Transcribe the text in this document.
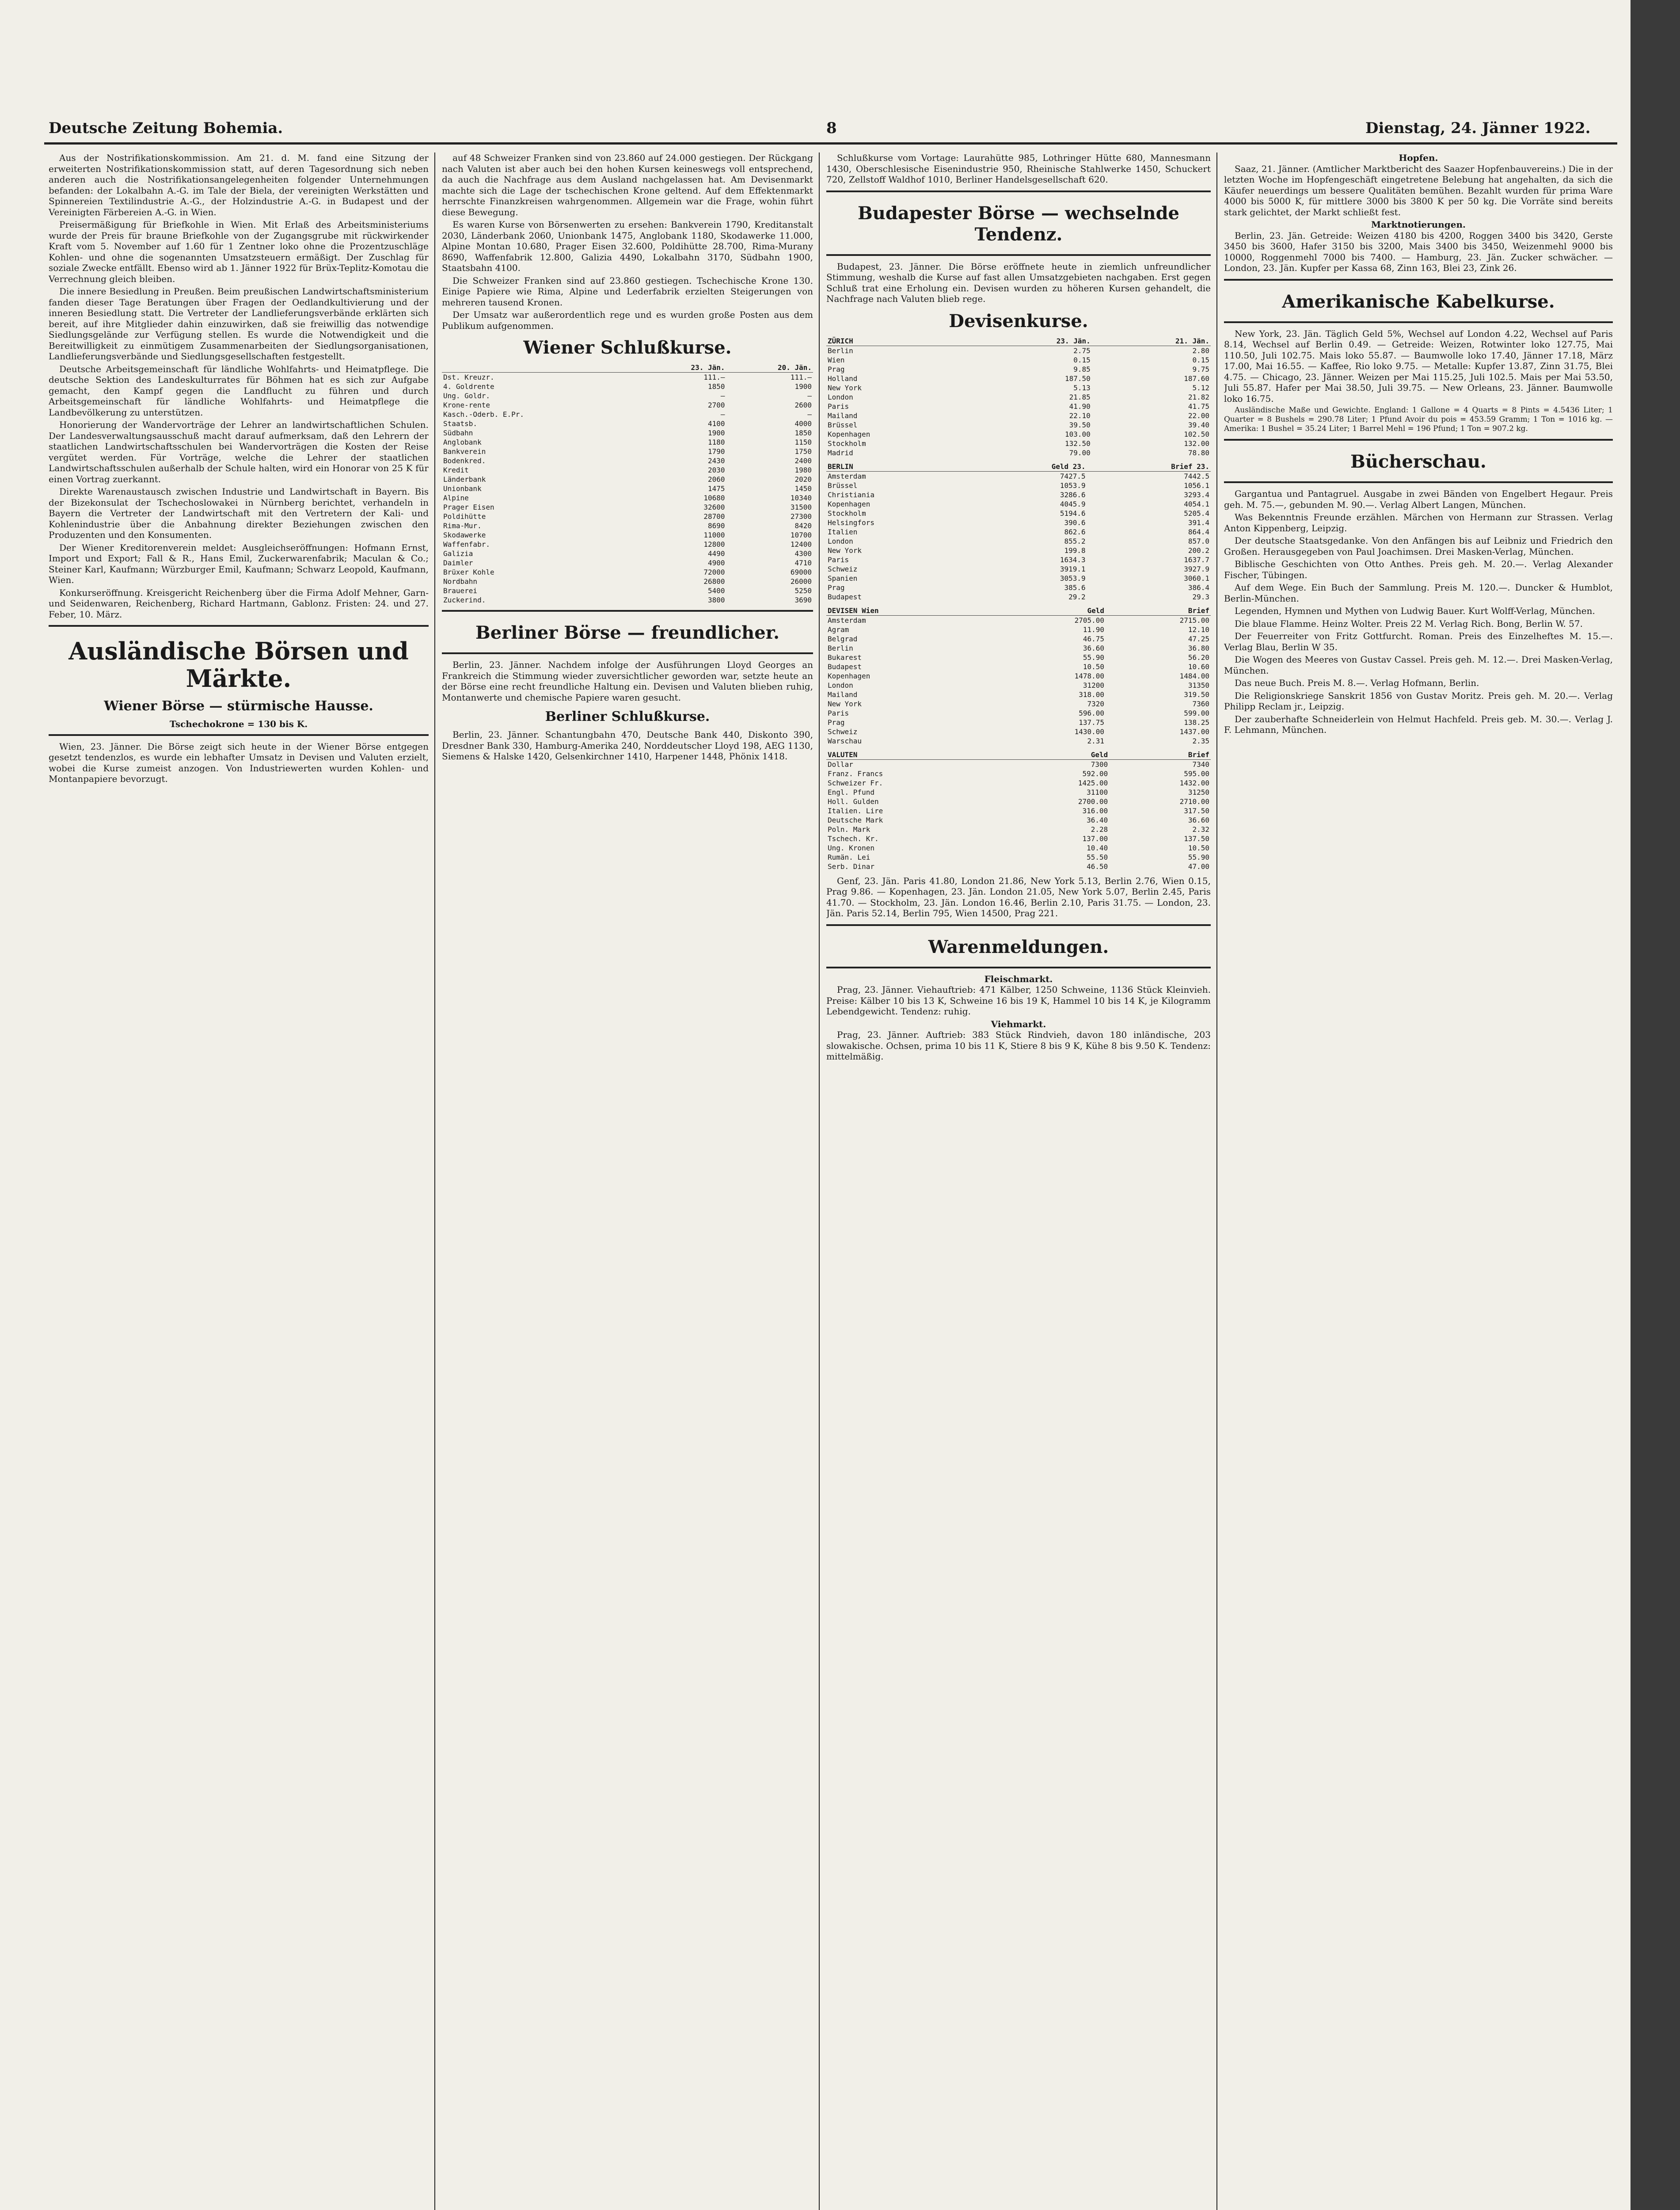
Deutsche Zeitung Bohemia.	8	Dienstag, 24. Jänner 1922.

Aus der Nostrifikationskommission. Am 21. d. M. fand eine Sitzung der erweiterten Nostrifikationskommission statt, auf deren Tagesordnung sich neben anderen auch die Nostrifikationsangelegenheiten folgender Unternehmungen befanden: der Lokalbahn A.-G. im Tale der Biela, der vereinigten Werkstätten und Spinnereien Textilindustrie A.-G., der Holzindustrie A.-G. in Budapest und der Vereinigten Färbereien A.-G. in Wien.

Preisermäßigung für Briefkohle in Wien. Mit Erlaß des Arbeitsministeriums wurde der Preis für braune Briefkohle von der Zugangsgrube mit rückwirkender Kraft vom 5. November auf 1.60 für 1 Zentner loko ohne die Prozentzuschläge Kohlen- und ohne die sogenannten Umsatzsteuern ermäßigt. Der Zuschlag für soziale Zwecke entfällt. Ebenso wird ab 1. Jänner 1922 für Brüx-Teplitz-Komotau die Verrechnung gleich bleiben.

Die innere Besiedlung in Preußen. Beim preußischen Landwirtschaftsministerium fanden dieser Tage Beratungen über Fragen der Oedlandkultivierung und der inneren Besiedlung statt. Die Vertreter der Landlieferungsverbände erklärten sich bereit, auf ihre Mitglieder dahin einzuwirken, daß sie freiwillig das notwendige Siedlungsgelände zur Verfügung stellen. Es wurde die Notwendigkeit und die Bereitwilligkeit zu einmütigem Zusammenarbeiten der Siedlungsorganisationen, Landlieferungsverbände und Siedlungsgesellschaften festgestellt.

Deutsche Arbeitsgemeinschaft für ländliche Wohlfahrts- und Heimatpflege. Die deutsche Sektion des Landeskulturrates für Böhmen hat es sich zur Aufgabe gemacht, den Kampf gegen die Landflucht zu führen und durch Arbeitsgemeinschaft für ländliche Wohlfahrts- und Heimatpflege die Landbevölkerung zu unterstützen.

Honorierung der Wandervorträge der Lehrer an landwirtschaftlichen Schulen. Der Landesverwaltungsausschuß macht darauf aufmerksam, daß den Lehrern der staatlichen Landwirtschaftsschulen bei Wandervorträgen die Kosten der Reise vergütet werden. Für Vorträge, welche die Lehrer der staatlichen Landwirtschaftsschulen außerhalb der Schule halten, wird ein Honorar von 25 K für einen Vortrag zuerkannt.

Direkte Warenaustausch zwischen Industrie und Landwirtschaft in Bayern. Bis der Bizekonsulat der Tschechoslowakei in Nürnberg berichtet, verhandeln in Bayern die Vertreter der Landwirtschaft mit den Vertretern der Kali- und Kohlenindustrie über die Anbahnung direkter Beziehungen zwischen den Produzenten und den Konsumenten.

Der Wiener Kreditorenverein meldet: Ausgleichseröffnungen: Hofmann Ernst, Import und Export; Fall & R., Hans Emil, Zuckerwarenfabrik; Maculan & Co.; Steiner Karl, Kaufmann; Würzburger Emil, Kaufmann; Schwarz Leopold, Kaufmann, Wien.

Konkurseröffnung. Kreisgericht Reichenberg über die Firma Adolf Mehner, Garn- und Seidenwaren, Reichenberg, Richard Hartmann, Gablonz. Fristen: 24. und 27. Feber, 10. März.

Ausländische Börsen und Märkte.
Wiener Börse — stürmische Hausse.
Tschechokrone = 130 bis K.

Wien, 23. Jänner. Die Börse zeigt sich heute in der Wiener Börse entgegen gesetzt tendenzlos, es wurde ein lebhafter Umsatz in Devisen und Valuten erzielt, wobei die Kurse zumeist anzogen. Von Industriewerten wurden Kohlen- und Montanpapiere bevorzugt.

auf 48 Schweizer Franken sind von 23.860 auf 24.000 gestiegen. Der Rückgang nach Valuten ist aber auch bei den hohen Kursen keineswegs voll entsprechend, da auch die Nachfrage aus dem Ausland nachgelassen hat. Am Devisenmarkt machte sich die Lage der tschechischen Krone geltend. Auf dem Effektenmarkt herrschte Finanzkreisen wahrgenommen. Allgemein war die Frage, wohin führt diese Bewegung.

Es waren Kurse von Börsenwerten zu ersehen: Bankverein 1790, Kreditanstalt 2030, Länderbank 2060, Unionbank 1475, Anglobank 1180, Skodawerke 11.000, Alpine Montan 10.680, Prager Eisen 32.600, Poldihütte 28.700, Rima-Murany 8690, Waffenfabrik 12.800, Galizia 4490, Lokalbahn 3170, Südbahn 1900, Staatsbahn 4100.

Die Schweizer Franken sind auf 23.860 gestiegen. Tschechische Krone 130. Einige Papiere wie Rima, Alpine und Lederfabrik erzielten Steigerungen von mehreren tausend Kronen.

Der Umsatz war außerordentlich rege und es wurden große Posten aus dem Publikum aufgenommen.

Wiener Schlußkurse.
	23. Jän.	20. Jän.
Dst. Kreuzr.	111.—	111.—
4. Goldrente	1850	1900
Ung. Goldr.	—	—
Krone-rente	2700	2600
Kasch.-Oderb. E.Pr.	—	—
Staatsb.	4100	4000
Südbahn	1900	1850
Anglobank	1180	1150
Bankverein	1790	1750
Bodenkred.	2430	2400
Kredit	2030	1980
Länderbank	2060	2020
Unionbank	1475	1450
Alpine	10680	10340
Prager Eisen	32600	31500
Poldihütte	28700	27300
Rima-Mur.	8690	8420
Skodawerke	11000	10700
Waffenfabr.	12800	12400
Galizia	4490	4300
Daimler	4900	4710
Brüxer Kohle	72000	69000
Nordbahn	26800	26000
Brauerei	5400	5250
Zuckerind.	3800	3690
Berliner Börse — freundlicher.

Berlin, 23. Jänner. Nachdem infolge der Ausführungen Lloyd Georges an Frankreich die Stimmung wieder zuversichtlicher geworden war, setzte heute an der Börse eine recht freundliche Haltung ein. Devisen und Valuten blieben ruhig, Montanwerte und chemische Papiere waren gesucht.

Berliner Schlußkurse.

Berlin, 23. Jänner. Schantungbahn 470, Deutsche Bank 440, Diskonto 390, Dresdner Bank 330, Hamburg-Amerika 240, Norddeutscher Lloyd 198, AEG 1130, Siemens & Halske 1420, Gelsenkirchner 1410, Harpener 1448, Phönix 1418.

Schlußkurse vom Vortage: Laurahütte 985, Lothringer Hütte 680, Mannesmann 1430, Oberschlesische Eisenindustrie 950, Rheinische Stahlwerke 1450, Schuckert 720, Zellstoff Waldhof 1010, Berliner Handelsgesellschaft 620.

Budapester Börse — wechselnde Tendenz.

Budapest, 23. Jänner. Die Börse eröffnete heute in ziemlich unfreundlicher Stimmung, weshalb die Kurse auf fast allen Umsatzgebieten nachgaben. Erst gegen Schluß trat eine Erholung ein. Devisen wurden zu höheren Kursen gehandelt, die Nachfrage nach Valuten blieb rege.

Devisenkurse.
ZÜRICH	23. Jän.	21. Jän.
Berlin	2.75	2.80
Wien	0.15	0.15
Prag	9.85	9.75
Holland	187.50	187.60
New York	5.13	5.12
London	21.85	21.82
Paris	41.90	41.75
Mailand	22.10	22.00
Brüssel	39.50	39.40
Kopenhagen	103.00	102.50
Stockholm	132.50	132.00
Madrid	79.00	78.80
BERLIN	Geld 23.	Brief 23.
Amsterdam	7427.5	7442.5
Brüssel	1053.9	1056.1
Christiania	3286.6	3293.4
Kopenhagen	4045.9	4054.1
Stockholm	5194.6	5205.4
Helsingfors	390.6	391.4
Italien	862.6	864.4
London	855.2	857.0
New York	199.8	200.2
Paris	1634.3	1637.7
Schweiz	3919.1	3927.9
Spanien	3053.9	3060.1
Prag	385.6	386.4
Budapest	29.2	29.3
DEVISEN Wien	Geld	Brief
Amsterdam	2705.00	2715.00
Agram	11.90	12.10
Belgrad	46.75	47.25
Berlin	36.60	36.80
Bukarest	55.90	56.20
Budapest	10.50	10.60
Kopenhagen	1478.00	1484.00
London	31200	31350
Mailand	318.00	319.50
New York	7320	7360
Paris	596.00	599.00
Prag	137.75	138.25
Schweiz	1430.00	1437.00
Warschau	2.31	2.35
VALUTEN	Geld	Brief
Dollar	7300	7340
Franz. Francs	592.00	595.00
Schweizer Fr.	1425.00	1432.00
Engl. Pfund	31100	31250
Holl. Gulden	2700.00	2710.00
Italien. Lire	316.00	317.50
Deutsche Mark	36.40	36.60
Poln. Mark	2.28	2.32
Tschech. Kr.	137.00	137.50
Ung. Kronen	10.40	10.50
Rumän. Lei	55.50	55.90
Serb. Dinar	46.50	47.00

Genf, 23. Jän. Paris 41.80, London 21.86, New York 5.13, Berlin 2.76, Wien 0.15, Prag 9.86. — Kopenhagen, 23. Jän. London 21.05, New York 5.07, Berlin 2.45, Paris 41.70. — Stockholm, 23. Jän. London 16.46, Berlin 2.10, Paris 31.75. — London, 23. Jän. Paris 52.14, Berlin 795, Wien 14500, Prag 221.

Warenmeldungen.
Fleischmarkt.

Prag, 23. Jänner. Viehauftrieb: 471 Kälber, 1250 Schweine, 1136 Stück Kleinvieh. Preise: Kälber 10 bis 13 K, Schweine 16 bis 19 K, Hammel 10 bis 14 K, je Kilogramm Lebendgewicht. Tendenz: ruhig.

Viehmarkt.

Prag, 23. Jänner. Auftrieb: 383 Stück Rindvieh, davon 180 inländische, 203 slowakische. Ochsen, prima 10 bis 11 K, Stiere 8 bis 9 K, Kühe 8 bis 9.50 K. Tendenz: mittelmäßig.

Hopfen.

Saaz, 21. Jänner. (Amtlicher Marktbericht des Saazer Hopfenbauvereins.) Die in der letzten Woche im Hopfengeschäft eingetretene Belebung hat angehalten, da sich die Käufer neuerdings um bessere Qualitäten bemühen. Bezahlt wurden für prima Ware 4000 bis 5000 K, für mittlere 3000 bis 3800 K per 50 kg. Die Vorräte sind bereits stark gelichtet, der Markt schließt fest.

Marktnotierungen.

Berlin, 23. Jän. Getreide: Weizen 4180 bis 4200, Roggen 3400 bis 3420, Gerste 3450 bis 3600, Hafer 3150 bis 3200, Mais 3400 bis 3450, Weizenmehl 9000 bis 10000, Roggenmehl 7000 bis 7400. — Hamburg, 23. Jän. Zucker schwächer. — London, 23. Jän. Kupfer per Kassa 68, Zinn 163, Blei 23, Zink 26.

Amerikanische Kabelkurse.

New York, 23. Jän. Täglich Geld 5%, Wechsel auf London 4.22, Wechsel auf Paris 8.14, Wechsel auf Berlin 0.49. — Getreide: Weizen, Rotwinter loko 127.75, Mai 110.50, Juli 102.75. Mais loko 55.87. — Baumwolle loko 17.40, Jänner 17.18, März 17.00, Mai 16.55. — Kaffee, Rio loko 9.75. — Metalle: Kupfer 13.87, Zinn 31.75, Blei 4.75. — Chicago, 23. Jänner. Weizen per Mai 115.25, Juli 102.5. Mais per Mai 53.50, Juli 55.87. Hafer per Mai 38.50, Juli 39.75. — New Orleans, 23. Jänner. Baumwolle loko 16.75.

Ausländische Maße und Gewichte. England: 1 Gallone = 4 Quarts = 8 Pints = 4.5436 Liter; 1 Quarter = 8 Bushels = 290.78 Liter; 1 Pfund Avoir du pois = 453.59 Gramm; 1 Ton = 1016 kg. — Amerika: 1 Bushel = 35.24 Liter; 1 Barrel Mehl = 196 Pfund; 1 Ton = 907.2 kg.

Bücherschau.

Gargantua und Pantagruel. Ausgabe in zwei Bänden von Engelbert Hegaur. Preis geh. M. 75.—, gebunden M. 90.—. Verlag Albert Langen, München.

Was Bekenntnis Freunde erzählen. Märchen von Hermann zur Strassen. Verlag Anton Kippenberg, Leipzig.

Der deutsche Staatsgedanke. Von den Anfängen bis auf Leibniz und Friedrich den Großen. Herausgegeben von Paul Joachimsen. Drei Masken-Verlag, München.

Biblische Geschichten von Otto Anthes. Preis geh. M. 20.—. Verlag Alexander Fischer, Tübingen.

Auf dem Wege. Ein Buch der Sammlung. Preis M. 120.—. Duncker & Humblot, Berlin-München.

Legenden, Hymnen und Mythen von Ludwig Bauer. Kurt Wolff-Verlag, München.

Die blaue Flamme. Heinz Wolter. Preis 22 M. Verlag Rich. Bong, Berlin W. 57.

Der Feuerreiter von Fritz Gottfurcht. Roman. Preis des Einzelheftes M. 15.—. Verlag Blau, Berlin W 35.

Die Wogen des Meeres von Gustav Cassel. Preis geh. M. 12.—. Drei Masken-Verlag, München.

Das neue Buch. Preis M. 8.—. Verlag Hofmann, Berlin.

Die Religionskriege Sanskrit 1856 von Gustav Moritz. Preis geh. M. 20.—. Verlag Philipp Reclam jr., Leipzig.

Der zauberhafte Schneiderlein von Helmut Hachfeld. Preis geb. M. 30.—. Verlag J. F. Lehmann, München.
